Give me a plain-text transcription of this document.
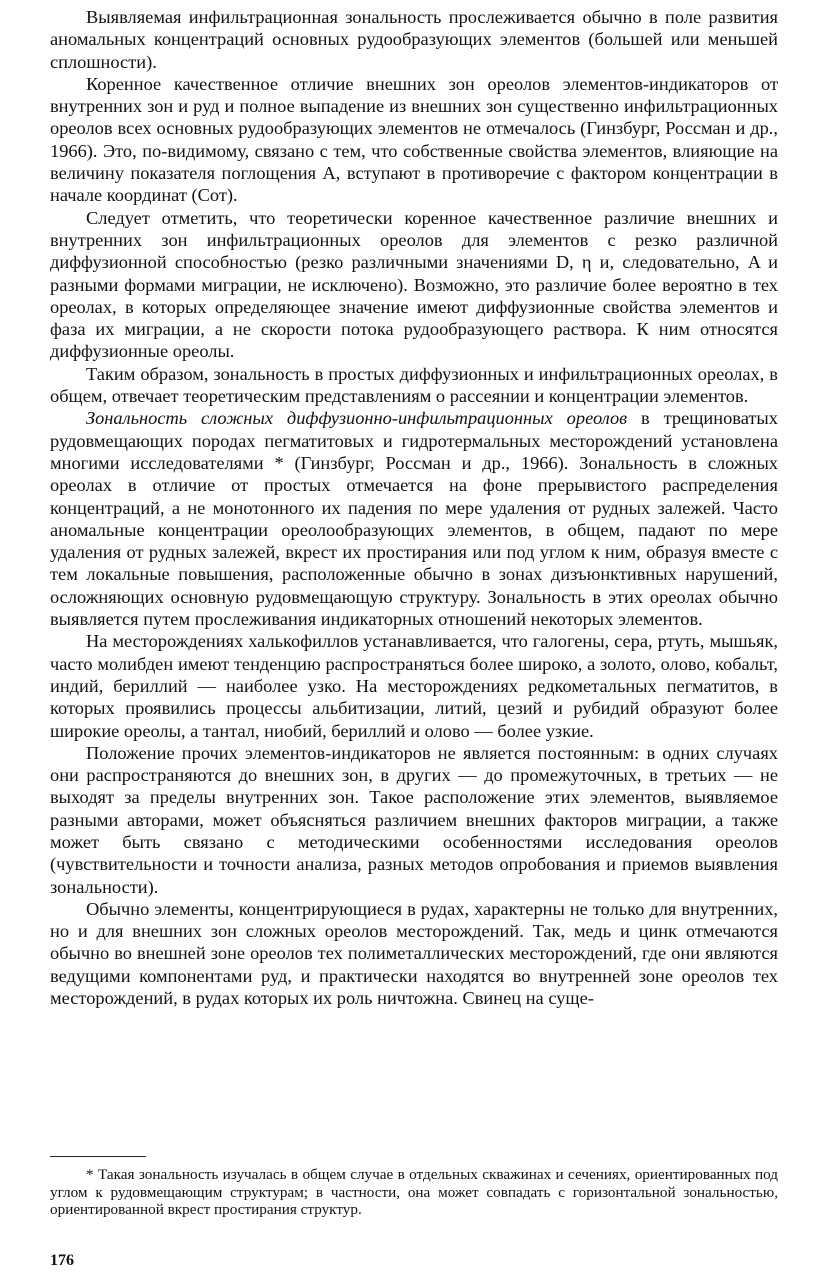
Выявляемая инфильтрационная зональность прослеживается обычно в поле развития аномальных концентраций основных рудообразующих элементов (большей или меньшей сплошности).

Коренное качественное отличие внешних зон ореолов элементов-индикаторов от внутренних зон и руд и полное выпадение из внешних зон существенно инфильтрационных ореолов всех основных рудообразующих элементов не отмечалось (Гинзбург, Россман и др., 1966). Это, по-видимому, связано с тем, что собственные свойства элементов, влияющие на величину показателя поглощения A, вступают в противоречие с фактором концентрации в начале координат (Cот).

Следует отметить, что теоретически коренное качественное различие внешних и внутренних зон инфильтрационных ореолов для элементов с резко различной диффузионной способностью (резко различными значениями D, η и, следовательно, A и разными формами миграции, не исключено). Возможно, это различие более вероятно в тех ореолах, в которых определяющее значение имеют диффузионные свойства элементов и фаза их миграции, а не скорости потока рудообразующего раствора. К ним относятся диффузионные ореолы.

Таким образом, зональность в простых диффузионных и инфильтрационных ореолах, в общем, отвечает теоретическим представлениям о рассеянии и концентрации элементов.

Зональность сложных диффузионно-инфильтрационных ореолов в трещиноватых рудовмещающих породах пегматитовых и гидротермальных месторождений установлена многими исследователями * (Гинзбург, Россман и др., 1966). Зональность в сложных ореолах в отличие от простых отмечается на фоне прерывистого распределения концентраций, а не монотонного их падения по мере удаления от рудных залежей. Часто аномальные концентрации ореолообразующих элементов, в общем, падают по мере удаления от рудных залежей, вкрест их простирания или под углом к ним, образуя вместе с тем локальные повышения, расположенные обычно в зонах дизъюнктивных нарушений, осложняющих основную рудовмещающую структуру. Зональность в этих ореолах обычно выявляется путем прослеживания индикаторных отношений некоторых элементов.

На месторождениях халькофиллов устанавливается, что галогены, сера, ртуть, мышьяк, часто молибден имеют тенденцию распространяться более широко, а золото, олово, кобальт, индий, бериллий — наиболее узко. На месторождениях редкометальных пегматитов, в которых проявились процессы альбитизации, литий, цезий и рубидий образуют более широкие ореолы, а тантал, ниобий, бериллий и олово — более узкие.

Положение прочих элементов-индикаторов не является постоянным: в одних случаях они распространяются до внешних зон, в других — до промежуточных, в третьих — не выходят за пределы внутренних зон. Такое расположение этих элементов, выявляемое разными авторами, может объясняться различием внешних факторов миграции, а также может быть связано с методическими особенностями исследования ореолов (чувствительности и точности анализа, разных методов опробования и приемов выявления зональности).

Обычно элементы, концентрирующиеся в рудах, характерны не только для внутренних, но и для внешних зон сложных ореолов месторождений. Так, медь и цинк отмечаются обычно во внешней зоне ореолов тех полиметаллических месторождений, где они являются ведущими компонентами руд, и практически находятся во внутренней зоне ореолов тех месторождений, в рудах которых их роль ничтожна. Свинец на суще-

* Такая зональность изучалась в общем случае в отдельных скважинах и сечениях, ориентированных под углом к рудовмещающим структурам; в частности, она может совпадать с горизонтальной зональностью, ориентированной вкрест простирания структур.

176
